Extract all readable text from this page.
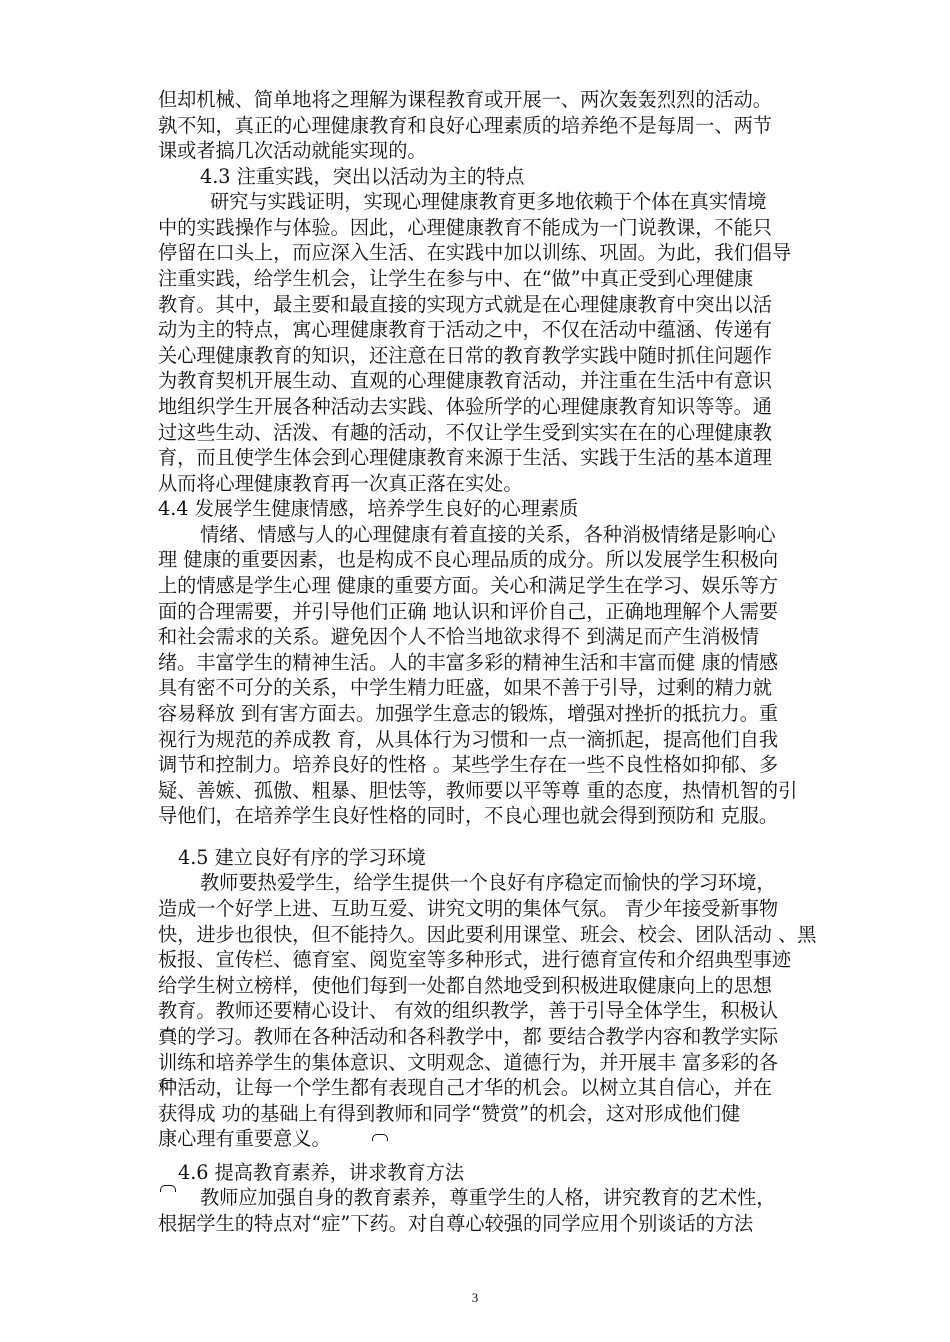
但却机械、简单地将之理解为课程教育或开展一、两次轰轰烈烈的活动。
孰不知，真正的心理健康教育和良好心理素质的培养绝不是每周一、两节
课或者搞几次活动就能实现的。
4.3 注重实践，突出以活动为主的特点
研究与实践证明，实现心理健康教育更多地依赖于个体在真实情境
中的实践操作与体验。因此，心理健康教育不能成为一门说教课，不能只
停留在口头上，而应深入生活、在实践中加以训练、巩固。为此，我们倡导
注重实践，给学生机会，让学生在参与中、在“做”中真正受到心理健康
教育。其中，最主要和最直接的实现方式就是在心理健康教育中突出以活
动为主的特点，寓心理健康教育于活动之中，不仅在活动中蕴涵、传递有
关心理健康教育的知识，还注意在日常的教育教学实践中随时抓住问题作
为教育契机开展生动、直观的心理健康教育活动，并注重在生活中有意识
地组织学生开展各种活动去实践、体验所学的心理健康教育知识等等。通
过这些生动、活泼、有趣的活动，不仅让学生受到实实在在的心理健康教
育，而且使学生体会到心理健康教育来源于生活、实践于生活的基本道理
从而将心理健康教育再一次真正落在实处。
4.4 发展学生健康情感，培养学生良好的心理素质
情绪、情感与人的心理健康有着直接的关系，各种消极情绪是影响心
理 健康的重要因素，也是构成不良心理品质的成分。所以发展学生积极向
上的情感是学生心理 健康的重要方面。关心和满足学生在学习、娱乐等方
面的合理需要，并引导他们正确 地认识和评价自己，正确地理解个人需要
和社会需求的关系。避免因个人不恰当地欲求得不 到满足而产生消极情
绪。丰富学生的精神生活。人的丰富多彩的精神生活和丰富而健 康的情感
具有密不可分的关系，中学生精力旺盛，如果不善于引导，过剩的精力就
容易释放 到有害方面去。加强学生意志的锻炼，增强对挫折的抵抗力。重
视行为规范的养成教 育，从具体行为习惯和一点一滴抓起，提高他们自我
调节和控制力。培养良好的性格 。某些学生存在一些不良性格如抑郁、多
疑、善嫉、孤傲、粗暴、胆怯等，教师要以平等尊 重的态度，热情机智的引
导他们，在培养学生良好性格的同时，不良心理也就会得到预防和 克服。
4.5 建立良好有序的学习环境
教师要热爱学生，给学生提供一个良好有序稳定而愉快的学习环境，
造成一个好学上进、互助互爱、讲究文明的集体气氛。 青少年接受新事物
快，进步也很快，但不能持久。因此要利用课堂、班会、校会、团队活动 、黑
板报、宣传栏、德育室、阅览室等多种形式，进行德育宣传和介绍典型事迹
给学生树立榜样，使他们每到一处都自然地受到积极进取健康向上的思想
教育。教师还要精心设计、 有效的组织教学，善于引导全体学生，积极认
真的学习。教师在各种活动和各科教学中，都 要结合教学内容和教学实际
训练和培养学生的集体意识、文明观念、道德行为，并开展丰 富多彩的各
种活动，让每一个学生都有表现自己才华的机会。以树立其自信心，并在
获得成 功的基础上有得到教师和同学“赞赏”的机会，这对形成他们健
康心理有重要意义。
4.6 提高教育素养，讲求教育方法
教师应加强自身的教育素养，尊重学生的人格，讲究教育的艺术性，
根据学生的特点对“症”下药。对自尊心较强的同学应用个别谈话的方法
3
